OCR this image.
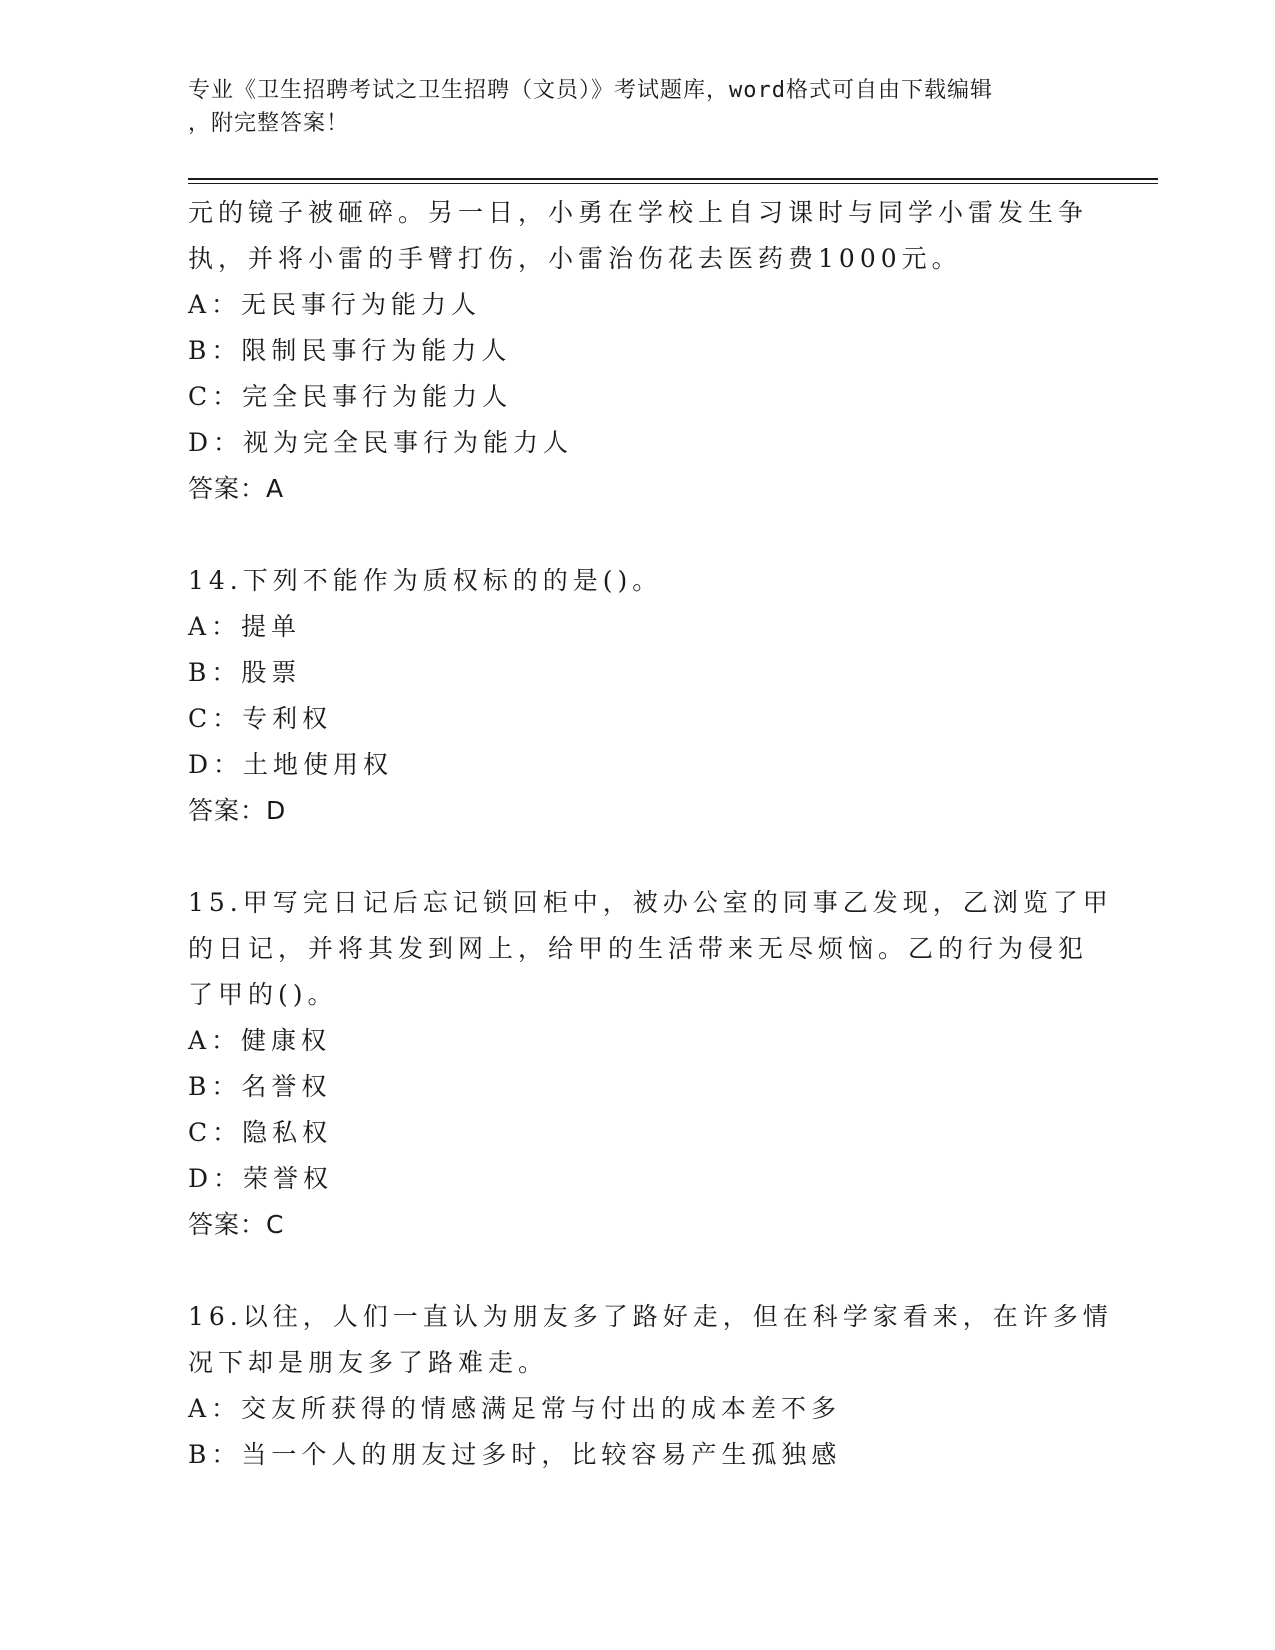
专业《卫生招聘考试之卫生招聘（文员）》考试题库，word格式可自由下载编辑
，附完整答案！
元的镜子被砸碎。另一日，小勇在学校上自习课时与同学小雷发生争
执，并将小雷的手臂打伤，小雷治伤花去医药费1000元。
A：无民事行为能力人
B：限制民事行为能力人
C：完全民事行为能力人
D：视为完全民事行为能力人
答案：A
14.下列不能作为质权标的的是()。
A：提单
B：股票
C：专利权
D：土地使用权
答案：D
15.甲写完日记后忘记锁回柜中，被办公室的同事乙发现，乙浏览了甲
的日记，并将其发到网上，给甲的生活带来无尽烦恼。乙的行为侵犯
了甲的()。
A：健康权
B：名誉权
C：隐私权
D：荣誉权
答案：C
16.以往，人们一直认为朋友多了路好走，但在科学家看来，在许多情
况下却是朋友多了路难走。
A：交友所获得的情感满足常与付出的成本差不多
B：当一个人的朋友过多时，比较容易产生孤独感
